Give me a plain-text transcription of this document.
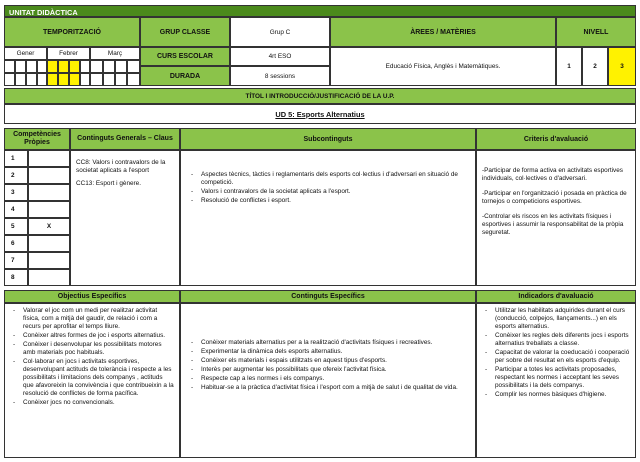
UNITAT DIDÀCTICA
TEMPORITZACIÓ	GRUP CLASSE	Grup C	ÀREES / MATÈRIES	NIVELL
Gener	Febrer	Març	CURS ESCOLAR	4rt ESO
DURADA	8 sessions
Educació Física, Anglès i Matemàtiques.	1	2	3
TÍTOL I INTRODUCCIÓ/JUSTIFICACIÓ DE LA U.P.
UD 5: Esports Alternatius
Competències Pròpies
Continguts Generals – Claus	Subcontinguts	Criteris d'avaluació
1
2
3
4
5	X
6
7
8

CC8: Valors i contravalors de la societat aplicats a l'esport

CC13: Esport i gènere.

- Aspectes tècnics, tàctics i reglamentaris dels esports col·lectius i d'adversari en situació de competició.
- Valors i contravalors de la societat aplicats a l'esport.
- Resolució de conflictes i esport.

-Participar de forma activa en activitats esportives individuals, col·lectives o d'adversari.

-Participar en l'organització i posada en pràctica de tornejos o competicions esportives.

-Controlar els riscos en les activitats físiques i esportives i assumir la responsabilitat de la pròpia seguretat.

Objectius Específics	Continguts Específics	Indicadors d'avaluació
- Valorar el joc com un medi per realitzar activitat física, com a mitjà del gaudir, de relació i com a recurs per aprofitar el temps lliure.
- Conèixer altres formes de joc i esports alternatius.
- Conèixer i desenvolupar les possibilitats motores amb materials poc habituals.
- Col·laborar en jocs i activitats esportives, desenvolupant actituds de tolerància i respecte a les possibilitats i limitacions dels companys , actituds que afavoreixin la convivència i que contribueixin a la resolució de conflictes de forma pacífica.
- Conèixer jocs no convencionals.
- Conèixer materials alternatius per a la realització d'activitats físiques i recreatives.
- Experimentar la dinàmica dels esports alternatius.
- Conèixer els materials i espais utilitzats en aquest tipus d'esports.
- Interès per augmentar les possibilitats que ofereix l'activitat física.
- Respecte cap a les normes i els companys.
- Habituar-se a la pràctica d'activitat física i l'esport com a mitjà de salut i de qualitat de vida.
- Utilitzar les habilitats adquirides durant el curs (conducció, colpejos, llançaments...) en els esports alternatius.
- Conèixer les regles dels diferents jocs i esports alternatius treballats a classe.
- Capacitat de valorar la coeducació i cooperació per sobre del resultat en els esports d'equip.
- Participar a totes les activitats proposades, respectant les normes i acceptant les seves possibilitats i la dels companys.
- Complir les normes bàsiques d'higiene.
